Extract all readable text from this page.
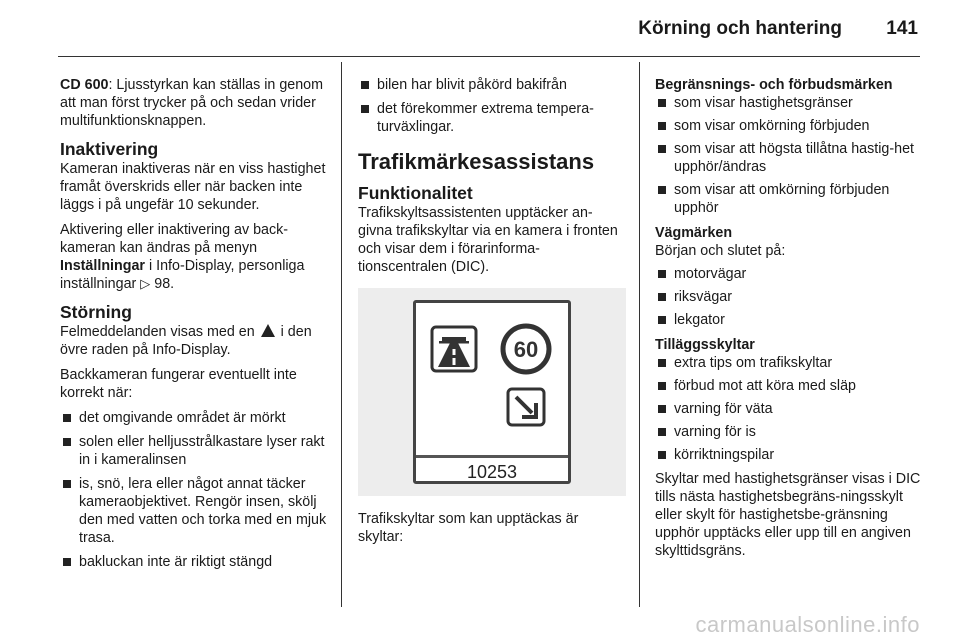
Körning och hantering 141
CD 600: Ljusstyrkan kan ställas in genom att man först trycker på och sedan vrider multifunktionsknappen.
Inaktivering
Kameran inaktiveras när en viss hastighet framåt överskrids eller när backen inte läggs i på ungefär 10 sekunder.
Aktivering eller inaktivering av back-kameran kan ändras på menyn Inställningar i Info-Display, personliga inställningar ▷ 98.
Störning
Felmeddelanden visas med en  i den övre raden på Info-Display.
Backkameran fungerar eventuellt inte korrekt när:
det omgivande området är mörkt
solen eller helljusstrålkastare lyser rakt in i kameralinsen
is, snö, lera eller något annat täcker kameraobjektivet. Rengör insen, skölj den med vatten och torka med en mjuk trasa.
bakluckan inte är riktigt stängd
bilen har blivit påkörd bakifrån
det förekommer extrema tempera-turväxlingar.
Trafikmärkesassistans
Funktionalitet
Trafikskyltsassistenten upptäcker an-givna trafikskyltar via en kamera i fronten och visar dem i förarinforma-tionscentralen (DIC).
60
10253
Trafikskyltar som kan upptäckas är skyltar:
Begränsnings- och förbudsmärken
som visar hastighetsgränser
som visar omkörning förbjuden
som visar att högsta tillåtna hastig-het upphör/ändras
som visar att omkörning förbjuden upphör
Vägmärken
Början och slutet på:
motorvägar
riksvägar
lekgator
Tilläggsskyltar
extra tips om trafikskyltar
förbud mot att köra med släp
varning för väta
varning för is
körriktningspilar
Skyltar med hastighetsgränser visas i DIC tills nästa hastighetsbegräns-ningsskylt eller skylt för hastighetsbe-gränsning upphör upptäcks eller upp till en angiven skylttidsgräns.
carmanualsonline.info
